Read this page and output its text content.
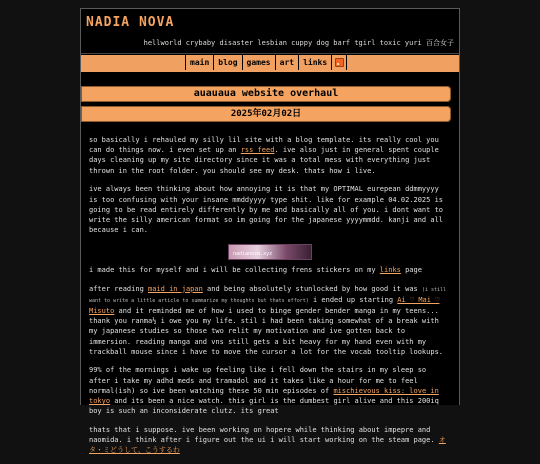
NADIA NOVA
hellworld crybaby disaster lesbian cuppy dog barf tgirl toxic yuri 百合女子
main	blog	games	art	links
auauaua website overhaul
2025年02月02日

so basically i rehauled my silly lil site with a blog template. its really cool you can do things now. i even set up an rss feed. ive also just in general spent couple days cleaning up my site directory since it was a total mess with everything just thrown in the root folder. you should see my desk. thats how i live.

ive always been thinking about how annoying it is that my OPTIMAL eurepean ddmmyyyy is too confusing with your insane mmddyyyy type shit. like for example 04.02.2025 is going to be read entirely differently by me and basically all of you. i dont want to write the silly american format so im going for the japanese yyyymmdd. kanji and all because i can.

nadianova.xyz

i made this for myself and i will be collecting frens stickers on my links page

after reading maid in japan and being absolutely stunlocked by how good it was (i still want to write a little article to summarize my thoughts but thats effort) i ended up starting Ai ♡ Mai ♡ Misuto and it reminded me of how i used to binge gender bender manga in my teens... thank you ranma½ i owe you my life. stil i had been taking somewhat of a break with my japanese studies so those two relit my motivation and ive gotten back to immersion. reading manga and vns still gets a bit heavy for my hand even with my trackball mouse since i have to move the cursor a lot for the vocab tooltip lookups.

99% of the mornings i wake up feeling like i fell down the stairs in my sleep so after i take my adhd meds and tramadol and it takes like a hour for me to feel normal(ish) so ive been watching these 50 min episodes of mischievous kiss: love in tokyo and its been a nice watch. this girl is the dumbest girl alive and this 200iq boy is such an inconsiderate clutz. its great

thats that i suppose. ive been working on hopere while thinking about impepre and naomida. i think after i figure out the ui i will start working on the steam page. オタ・ミどうして、こうするわ
